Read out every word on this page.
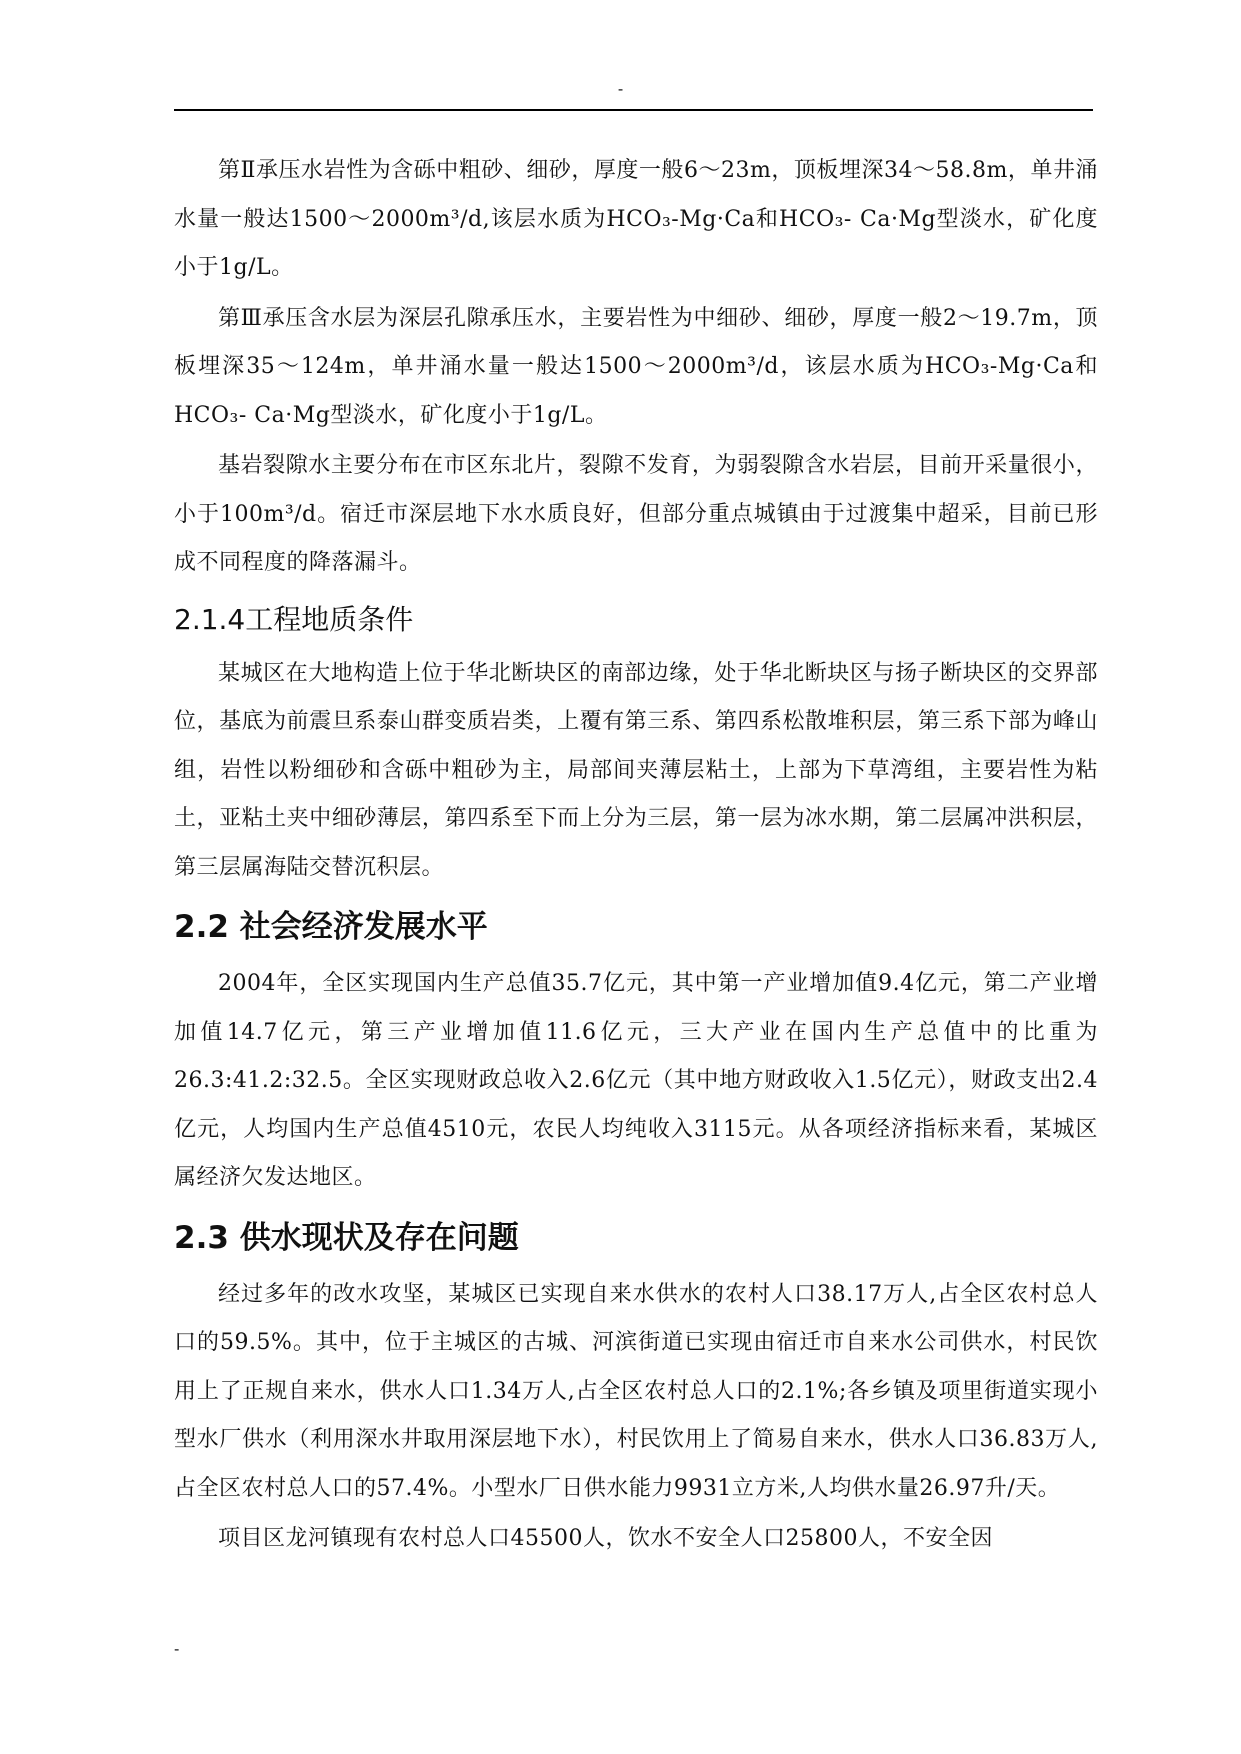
-

第Ⅱ承压水岩性为含砾中粗砂、细砂，厚度一般6～23m，顶板埋深34～58.8m，单井涌水量一般达1500～2000m³/d,该层水质为HCO₃-Mg·Ca和HCO₃- Ca·Mg型淡水，矿化度小于1g/L。

第Ⅲ承压含水层为深层孔隙承压水，主要岩性为中细砂、细砂，厚度一般2～19.7m，顶板埋深35～124m，单井涌水量一般达1500～2000m³/d，该层水质为HCO₃-Mg·Ca和HCO₃- Ca·Mg型淡水，矿化度小于1g/L。

基岩裂隙水主要分布在市区东北片，裂隙不发育，为弱裂隙含水岩层，目前开采量很小，小于100m³/d。宿迁市深层地下水水质良好，但部分重点城镇由于过渡集中超采，目前已形成不同程度的降落漏斗。

2.1.4工程地质条件

某城区在大地构造上位于华北断块区的南部边缘，处于华北断块区与扬子断块区的交界部位，基底为前震旦系泰山群变质岩类，上覆有第三系、第四系松散堆积层，第三系下部为峰山组，岩性以粉细砂和含砾中粗砂为主，局部间夹薄层粘土，上部为下草湾组，主要岩性为粘土，亚粘土夹中细砂薄层，第四系至下而上分为三层，第一层为冰水期，第二层属冲洪积层，第三层属海陆交替沉积层。

2.2 社会经济发展水平

2004年，全区实现国内生产总值35.7亿元，其中第一产业增加值9.4亿元，第二产业增加值14.7亿元，第三产业增加值11.6亿元，三大产业在国内生产总值中的比重为26.3:41.2:32.5。全区实现财政总收入2.6亿元（其中地方财政收入1.5亿元），财政支出2.4亿元，人均国内生产总值4510元，农民人均纯收入3115元。从各项经济指标来看，某城区属经济欠发达地区。

2.3 供水现状及存在问题

经过多年的改水攻坚，某城区已实现自来水供水的农村人口38.17万人,占全区农村总人口的59.5%。其中，位于主城区的古城、河滨街道已实现由宿迁市自来水公司供水，村民饮用上了正规自来水，供水人口1.34万人,占全区农村总人口的2.1%;各乡镇及项里街道实现小型水厂供水（利用深水井取用深层地下水），村民饮用上了简易自来水，供水人口36.83万人,占全区农村总人口的57.4%。小型水厂日供水能力9931立方米,人均供水量26.97升/天。

项目区龙河镇现有农村总人口45500人，饮水不安全人口25800人，不安全因

-
